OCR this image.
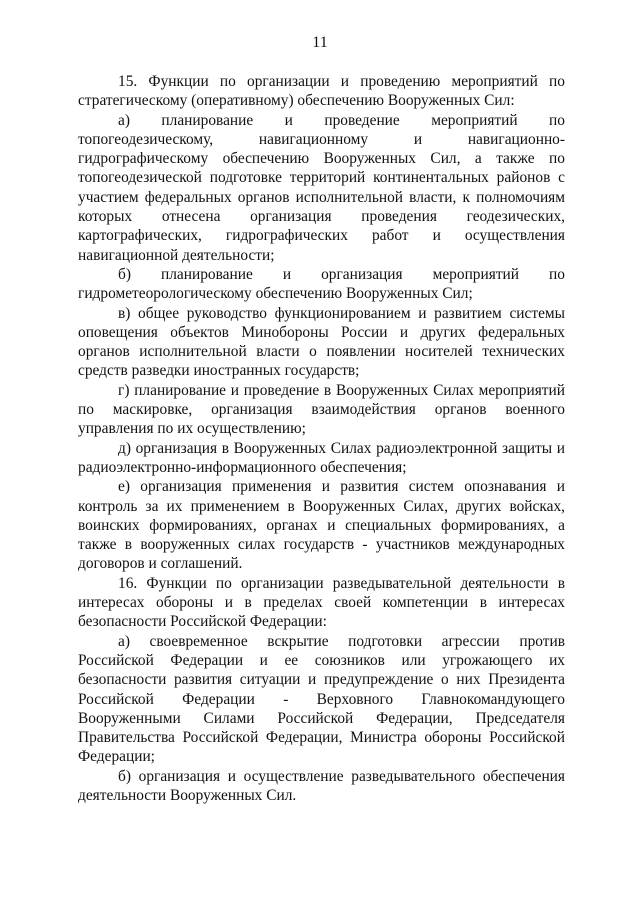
11

15. Функции по организации и проведению мероприятий по стратегическому (оперативному) обеспечению Вооруженных Сил:

а) планирование и проведение мероприятий по топогеодезическому, навигационному и навигационно-гидрографическому обеспечению Вооруженных Сил, а также по топогеодезической подготовке территорий континентальных районов с участием федеральных органов исполнительной власти, к полномочиям которых отнесена организация проведения геодезических, картографических, гидрографических работ и осуществления навигационной деятельности;

б) планирование и организация мероприятий по гидрометеорологическому обеспечению Вооруженных Сил;

в) общее руководство функционированием и развитием системы оповещения объектов Минобороны России и других федеральных органов исполнительной власти о появлении носителей технических средств разведки иностранных государств;

г) планирование и проведение в Вооруженных Силах мероприятий по маскировке, организация взаимодействия органов военного управления по их осуществлению;

д) организация в Вооруженных Силах радиоэлектронной защиты и радиоэлектронно-информационного обеспечения;

е) организация применения и развития систем опознавания и контроль за их применением в Вооруженных Силах, других войсках, воинских формированиях, органах и специальных формированиях, а также в вооруженных силах государств - участников международных договоров и соглашений.

16. Функции по организации разведывательной деятельности в интересах обороны и в пределах своей компетенции в интересах безопасности Российской Федерации:

а) своевременное вскрытие подготовки агрессии против Российской Федерации и ее союзников или угрожающего их безопасности развития ситуации и предупреждение о них Президента Российской Федерации - Верховного Главнокомандующего Вооруженными Силами Российской Федерации, Председателя Правительства Российской Федерации, Министра обороны Российской Федерации;

б) организация и осуществление разведывательного обеспечения деятельности Вооруженных Сил.
